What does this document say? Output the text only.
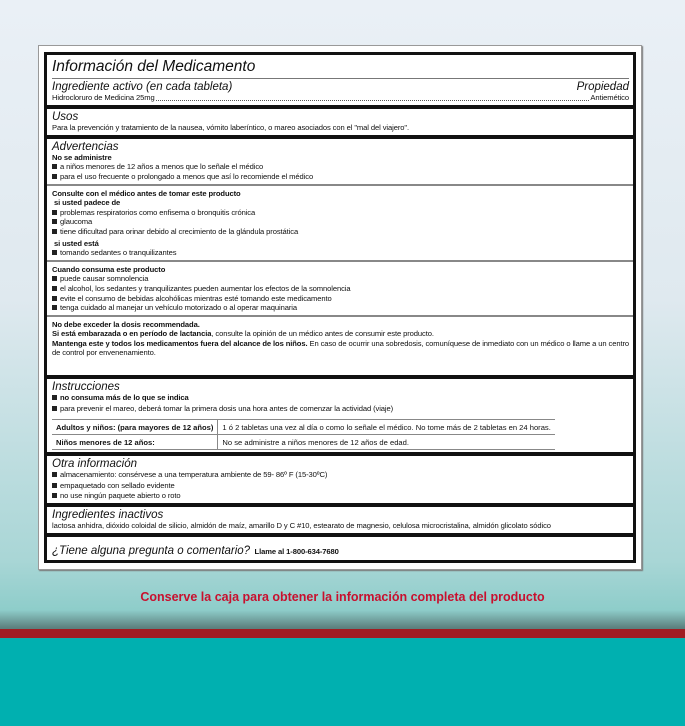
Información del Medicamento
Ingrediente activo (en cada tableta)	Propiedad
Hidrocloruro de Medicina 25mg	Antiemético
Usos
Para la prevención y tratamiento de la nausea, vómito laberíntico, o mareo asociados con el "mal del viajero".
Advertencias
No se administre
a niños menores de 12 años a menos que lo señale el médico
para el uso frecuente o prolongado a menos que así lo recomiende el médico
Consulte con el médico antes de tomar este producto
si usted padece de
problemas respiratorios como enfisema o bronquitis crónica
glaucoma
tiene dificultad para orinar debido al crecimiento de la glándula prostática
si usted está
tomando sedantes o tranquilizantes
Cuando consuma este producto
puede causar somnolencia
el alcohol, los sedantes y tranquilizantes pueden aumentar los efectos de la somnolencia
evite el consumo de bebidas alcohólicas mientras esté tomando este medicamento
tenga cuidado al manejar un vehículo motorizado o al operar maquinaria
No debe exceder la dosis recommendada.
Si está embarazada o en período de lactancia, consulte la opinión de un médico antes de consumir este producto.
Mantenga este y todos los medicamentos fuera del alcance de los niños. En caso de ocurrir una sobredosis, comuníquese de inmediato con un médico o llame a un centro
de control por envenenamiento.
Instrucciones
no consuma más de lo que se indica
para prevenir el mareo, deberá tomar la primera dosis una hora antes de comenzar la actividad (viaje)
Adultos y niños: (para mayores de 12 años)	1 ó 2 tabletas una vez al día o como lo señale el médico. No tome más de 2 tabletas en 24 horas.
Niños menores de 12 años:	No se administre a niños menores de 12 años de edad.
Otra información
almacenamiento: consérvese a una temperatura ambiente de 59- 86º F (15-30ºC)
empaquetado con sellado evidente
no use ningún paquete abierto o roto
Ingredientes inactivos
lactosa anhidra, dióxido coloidal de silicio, almidón de maíz, amarillo D y C #10, estearato de magnesio, celulosa microcristalina, almidón glicolato sódico
¿Tiene alguna pregunta o comentario? Llame al 1-800-634-7680
Conserve la caja para obtener la información completa del producto
